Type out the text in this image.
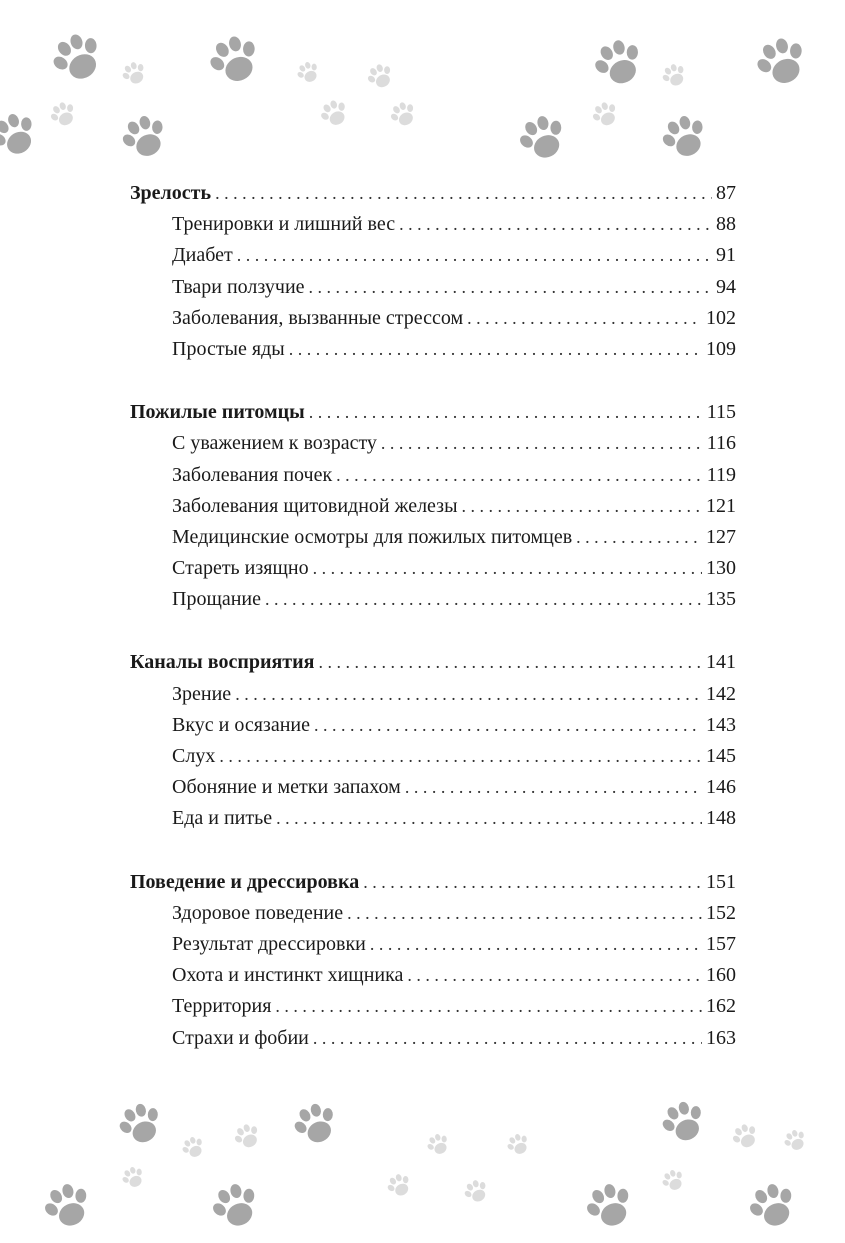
Зрелость . . .	87
Тренировки и лишний вес . . .	88
Диабет . . .	91
Твари ползучие . . .	94
Заболевания, вызванные стрессом . . .	102
Простые яды . . .	109
Пожилые питомцы . . .	115
С уважением к возрасту . . .	116
Заболевания почек . . .	119
Заболевания щитовидной железы . . .	121
Медицинские осмотры для пожилых питомцев . . .	127
Стареть изящно . . .	130
Прощание . . .	135
Каналы восприятия . . .	141
Зрение . . .	142
Вкус и осязание . . .	143
Слух . . .	145
Обоняние и метки запахом . . .	146
Еда и питье . . .	148
Поведение и дрессировка . . .	151
Здоровое поведение . . .	152
Результат дрессировки . . .	157
Охота и инстинкт хищника . . .	160
Территория . . .	162
Страхи и фобии . . .	163
